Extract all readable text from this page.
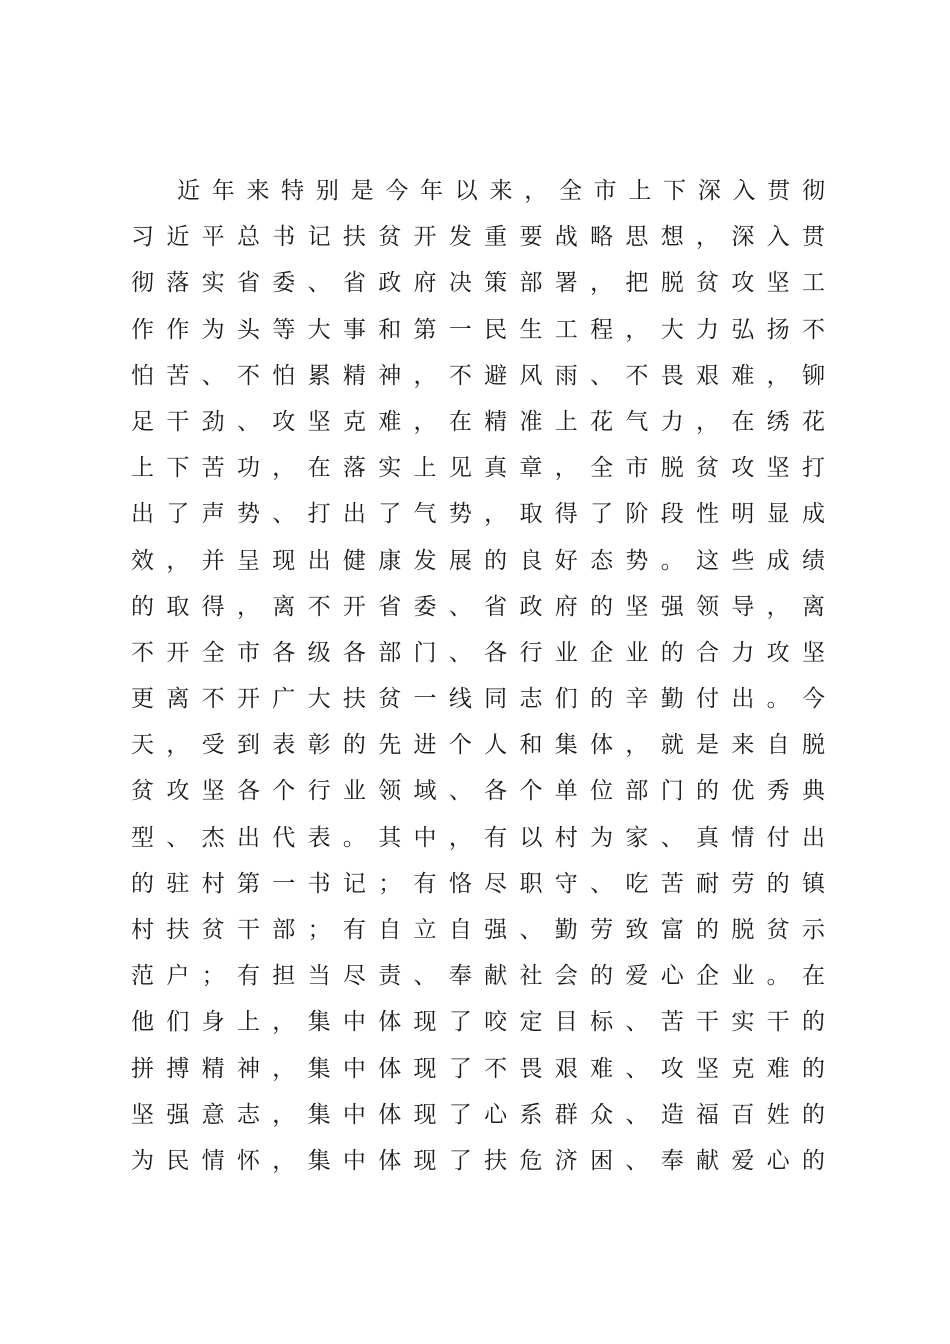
近年来特别是今年以来，全市上下深入贯彻
习近平总书记扶贫开发重要战略思想，深入贯
彻落实省委、省政府决策部署，把脱贫攻坚工
作作为头等大事和第一民生工程，大力弘扬不
怕苦、不怕累精神，不避风雨、不畏艰难，铆
足干劲、攻坚克难，在精准上花气力，在绣花
上下苦功，在落实上见真章，全市脱贫攻坚打
出了声势、打出了气势，取得了阶段性明显成
效，并呈现出健康发展的良好态势。这些成绩
的取得，离不开省委、省政府的坚强领导，离
不开全市各级各部门、各行业企业的合力攻坚
更离不开广大扶贫一线同志们的辛勤付出。今
天，受到表彰的先进个人和集体，就是来自脱
贫攻坚各个行业领域、各个单位部门的优秀典
型、杰出代表。其中，有以村为家、真情付出
的驻村第一书记；有恪尽职守、吃苦耐劳的镇
村扶贫干部；有自立自强、勤劳致富的脱贫示
范户；有担当尽责、奉献社会的爱心企业。在
他们身上，集中体现了咬定目标、苦干实干的
拼搏精神，集中体现了不畏艰难、攻坚克难的
坚强意志，集中体现了心系群众、造福百姓的
为民情怀，集中体现了扶危济困、奉献爱心的
